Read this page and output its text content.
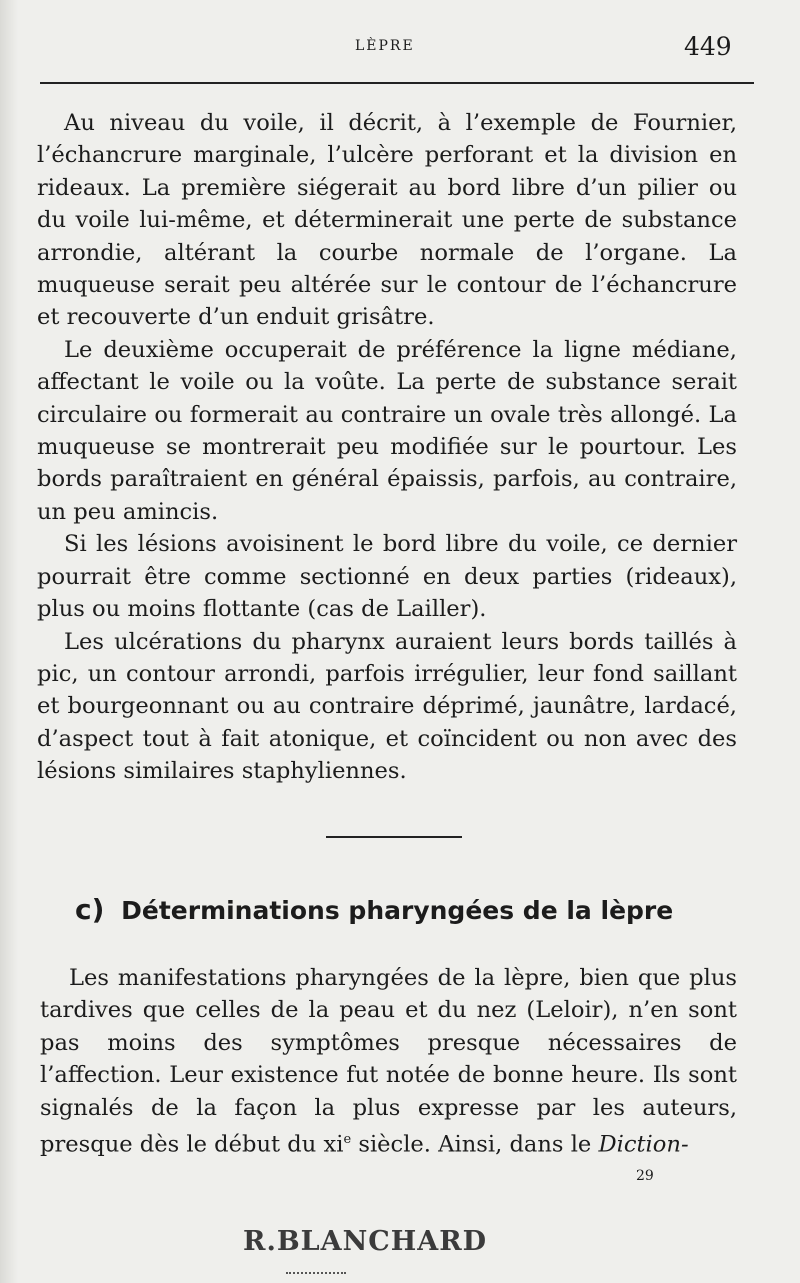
LÈPRE	449

Au niveau du voile, il décrit, à l’exemple de Fournier, l’échancrure marginale, l’ulcère perforant et la division en rideaux. La première siégerait au bord libre d’un pilier ou du voile lui-même, et déterminerait une perte de substance arrondie, altérant la courbe normale de l’organe. La muqueuse serait peu altérée sur le contour de l’échancrure et recouverte d’un enduit grisâtre.

Le deuxième occuperait de préférence la ligne médiane, affectant le voile ou la voûte. La perte de substance serait circulaire ou formerait au contraire un ovale très allongé. La muqueuse se montrerait peu modifiée sur le pourtour. Les bords paraîtraient en général épaissis, parfois, au contraire, un peu amincis.

Si les lésions avoisinent le bord libre du voile, ce dernier pourrait être comme sectionné en deux parties (rideaux), plus ou moins flottante (cas de Lailler).

Les ulcérations du pharynx auraient leurs bords taillés à pic, un contour arrondi, parfois irrégulier, leur fond saillant et bourgeonnant ou au contraire déprimé, jaunâtre, lardacé, d’aspect tout à fait atonique, et coïncident ou non avec des lésions similaires staphyliennes.

c) Déterminations pharyngées de la lèpre

Les manifestations pharyngées de la lèpre, bien que plus tardives que celles de la peau et du nez (Leloir), n’en sont pas moins des symptômes presque nécessaires de l’affection. Leur existence fut notée de bonne heure. Ils sont signalés de la façon la plus expresse par les auteurs, presque dès le début du $xi^e$ siècle. Ainsi, dans le Diction-

29
R.BLANCHARD
